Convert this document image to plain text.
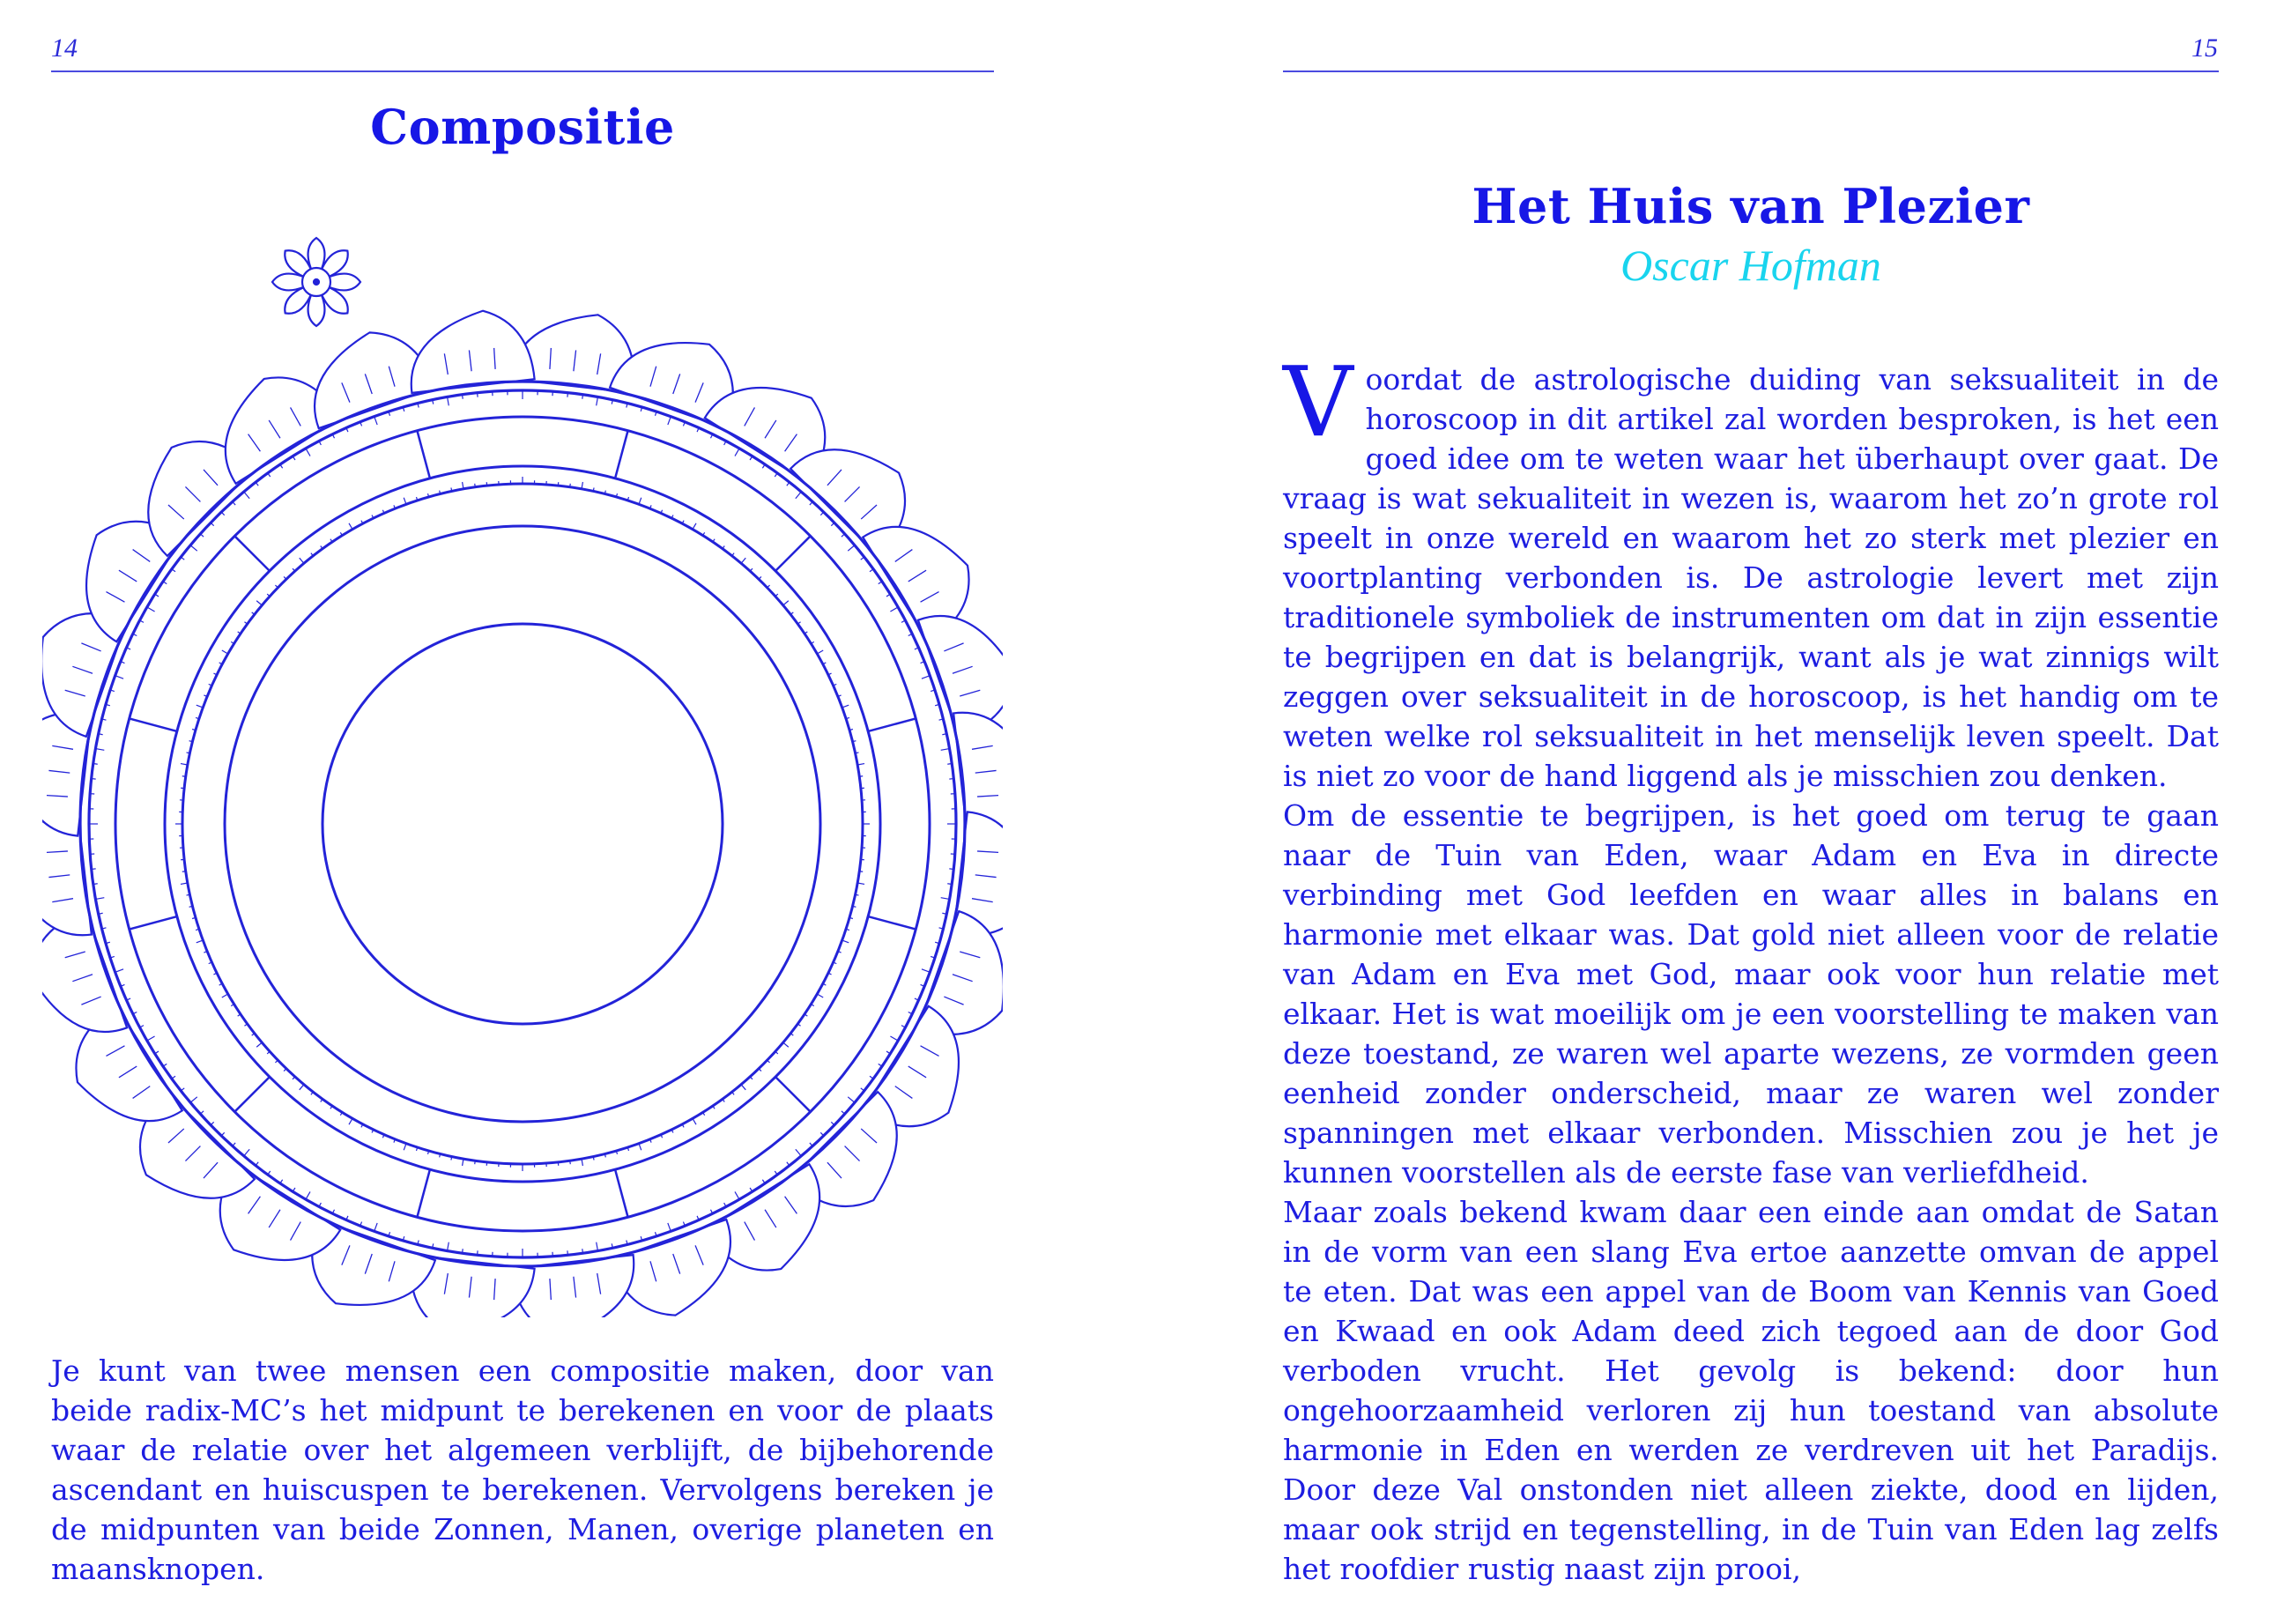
14
Compositie

Je kunt van twee mensen een compositie maken, door van beide radix-MC’s het midpunt te berekenen en voor de plaats waar de relatie over het algemeen verblijft, de bijbehorende ascendant en huiscuspen te berekenen. Vervolgens bereken je de midpunten van beide Zonnen, Manen, overige planeten en maansknopen.

15
Het Huis van Plezier
Oscar Hofman

Voordat de astrologische duiding van seksualiteit in de horoscoop in dit artikel zal worden besproken, is het een goed idee om te weten waar het überhaupt over gaat. De vraag is wat sekualiteit in wezen is, waarom het zo’n grote rol speelt in onze wereld en waarom het zo sterk met plezier en voortplanting verbonden is. De astrologie levert met zijn traditionele symboliek de instrumenten om dat in zijn essentie te begrijpen en dat is belangrijk, want als je wat zinnigs wilt zeggen over seksualiteit in de horoscoop, is het handig om te weten welke rol seksualiteit in het menselijk leven speelt. Dat is niet zo voor de hand liggend als je misschien zou denken.

Om de essentie te begrijpen, is het goed om terug te gaan naar de Tuin van Eden, waar Adam en Eva in directe verbinding met God leefden en waar alles in balans en harmonie met elkaar was. Dat gold niet alleen voor de relatie van Adam en Eva met God, maar ook voor hun relatie met elkaar. Het is wat moeilijk om je een voorstelling te maken van deze toestand, ze waren wel aparte wezens, ze vormden geen eenheid zonder onderscheid, maar ze waren wel zonder spanningen met elkaar verbonden. Misschien zou je het je kunnen voorstellen als de eerste fase van verliefdheid.

Maar zoals bekend kwam daar een einde aan omdat de Satan in de vorm van een slang Eva ertoe aanzette omvan de appel te eten. Dat was een appel van de Boom van Kennis van Goed en Kwaad en ook Adam deed zich tegoed aan de door God verboden vrucht. Het gevolg is bekend: door hun ongehoorzaamheid verloren zij hun toestand van absolute harmonie in Eden en werden ze verdreven uit het Paradijs. Door deze Val onstonden niet alleen ziekte, dood en lijden, maar ook strijd en tegenstelling, in de Tuin van Eden lag zelfs het roofdier rustig naast zijn prooi,
